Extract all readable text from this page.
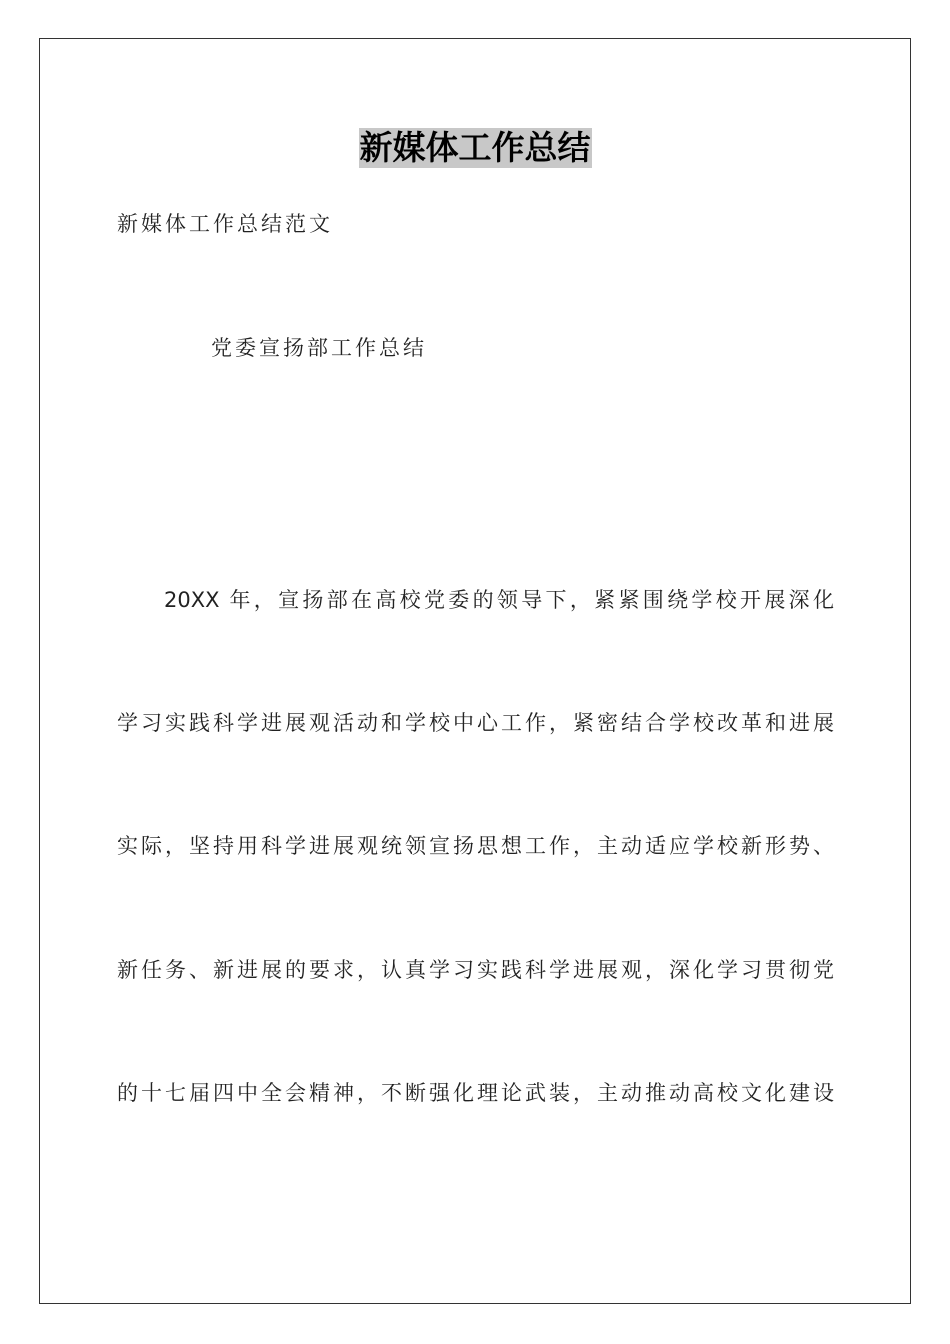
新媒体工作总结
新媒体工作总结范文
党委宣扬部工作总结
20XX 年，宣扬部在高校党委的领导下，紧紧围绕学校开展深化
学习实践科学进展观活动和学校中心工作，紧密结合学校改革和进展
实际，坚持用科学进展观统领宣扬思想工作，主动适应学校新形势、
新任务、新进展的要求，认真学习实践科学进展观，深化学习贯彻党
的十七届四中全会精神，不断强化理论武装，主动推动高校文化建设
